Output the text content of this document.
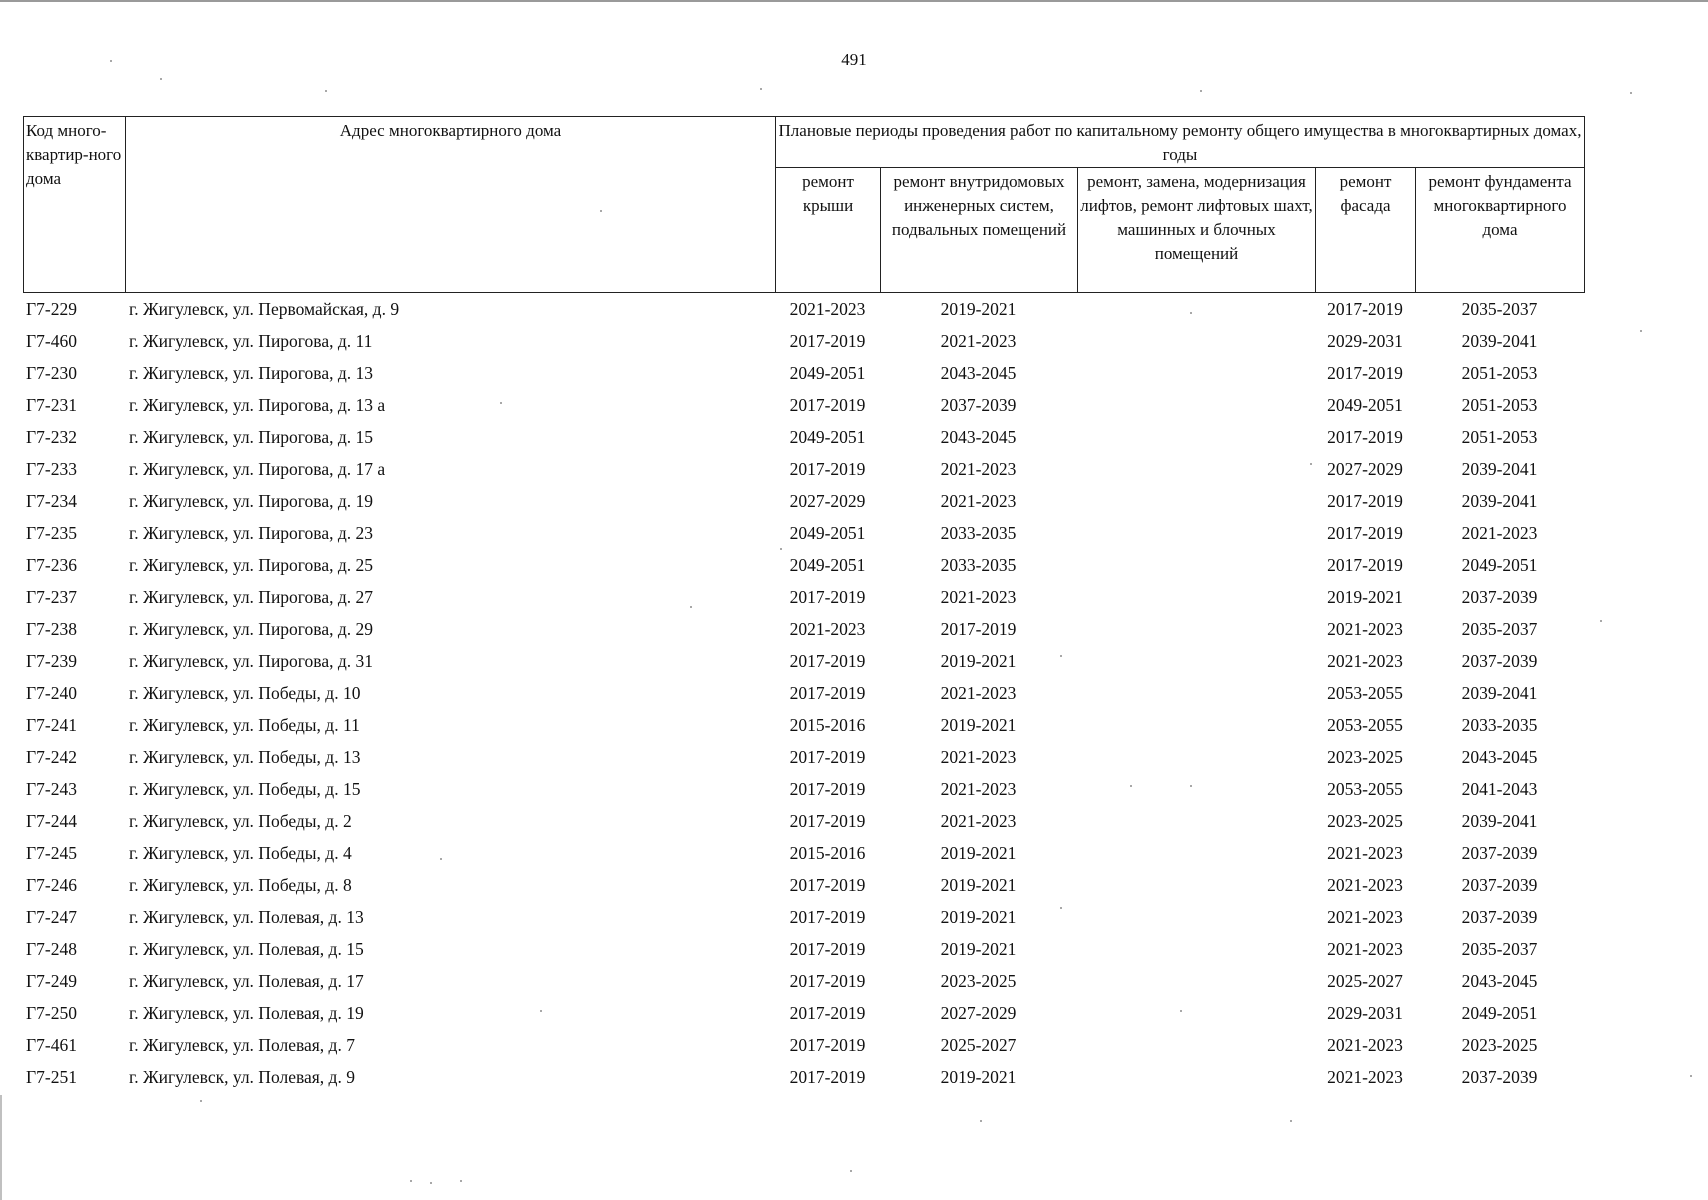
491
Код много-квартир-ного дома	Адрес многоквартирного дома	Плановые периоды проведения работ по капитальному ремонту общего имущества в многоквартирных домах, годы				
		ремонт крыши	ремонт внутридомовых инженерных систем, подвальных помещений	ремонт, замена, модернизация лифтов, ремонт лифтовых шахт, машинных и блочных помещений	ремонт фасада	ремонт фундамента многоквартирного дома
Г7-229	г. Жигулевск, ул. Первомайская, д. 9	2021-2023	2019-2021		2017-2019	2035-2037
Г7-460	г. Жигулевск, ул. Пирогова, д. 11	2017-2019	2021-2023		2029-2031	2039-2041
Г7-230	г. Жигулевск, ул. Пирогова, д. 13	2049-2051	2043-2045		2017-2019	2051-2053
Г7-231	г. Жигулевск, ул. Пирогова, д. 13 а	2017-2019	2037-2039		2049-2051	2051-2053
Г7-232	г. Жигулевск, ул. Пирогова, д. 15	2049-2051	2043-2045		2017-2019	2051-2053
Г7-233	г. Жигулевск, ул. Пирогова, д. 17 а	2017-2019	2021-2023		2027-2029	2039-2041
Г7-234	г. Жигулевск, ул. Пирогова, д. 19	2027-2029	2021-2023		2017-2019	2039-2041
Г7-235	г. Жигулевск, ул. Пирогова, д. 23	2049-2051	2033-2035		2017-2019	2021-2023
Г7-236	г. Жигулевск, ул. Пирогова, д. 25	2049-2051	2033-2035		2017-2019	2049-2051
Г7-237	г. Жигулевск, ул. Пирогова, д. 27	2017-2019	2021-2023		2019-2021	2037-2039
Г7-238	г. Жигулевск, ул. Пирогова, д. 29	2021-2023	2017-2019		2021-2023	2035-2037
Г7-239	г. Жигулевск, ул. Пирогова, д. 31	2017-2019	2019-2021		2021-2023	2037-2039
Г7-240	г. Жигулевск, ул. Победы, д. 10	2017-2019	2021-2023		2053-2055	2039-2041
Г7-241	г. Жигулевск, ул. Победы, д. 11	2015-2016	2019-2021		2053-2055	2033-2035
Г7-242	г. Жигулевск, ул. Победы, д. 13	2017-2019	2021-2023		2023-2025	2043-2045
Г7-243	г. Жигулевск, ул. Победы, д. 15	2017-2019	2021-2023		2053-2055	2041-2043
Г7-244	г. Жигулевск, ул. Победы, д. 2	2017-2019	2021-2023		2023-2025	2039-2041
Г7-245	г. Жигулевск, ул. Победы, д. 4	2015-2016	2019-2021		2021-2023	2037-2039
Г7-246	г. Жигулевск, ул. Победы, д. 8	2017-2019	2019-2021		2021-2023	2037-2039
Г7-247	г. Жигулевск, ул. Полевая, д. 13	2017-2019	2019-2021		2021-2023	2037-2039
Г7-248	г. Жигулевск, ул. Полевая, д. 15	2017-2019	2019-2021		2021-2023	2035-2037
Г7-249	г. Жигулевск, ул. Полевая, д. 17	2017-2019	2023-2025		2025-2027	2043-2045
Г7-250	г. Жигулевск, ул. Полевая, д. 19	2017-2019	2027-2029		2029-2031	2049-2051
Г7-461	г. Жигулевск, ул. Полевая, д. 7	2017-2019	2025-2027		2021-2023	2023-2025
Г7-251	г. Жигулевск, ул. Полевая, д. 9	2017-2019	2019-2021		2021-2023	2037-2039
